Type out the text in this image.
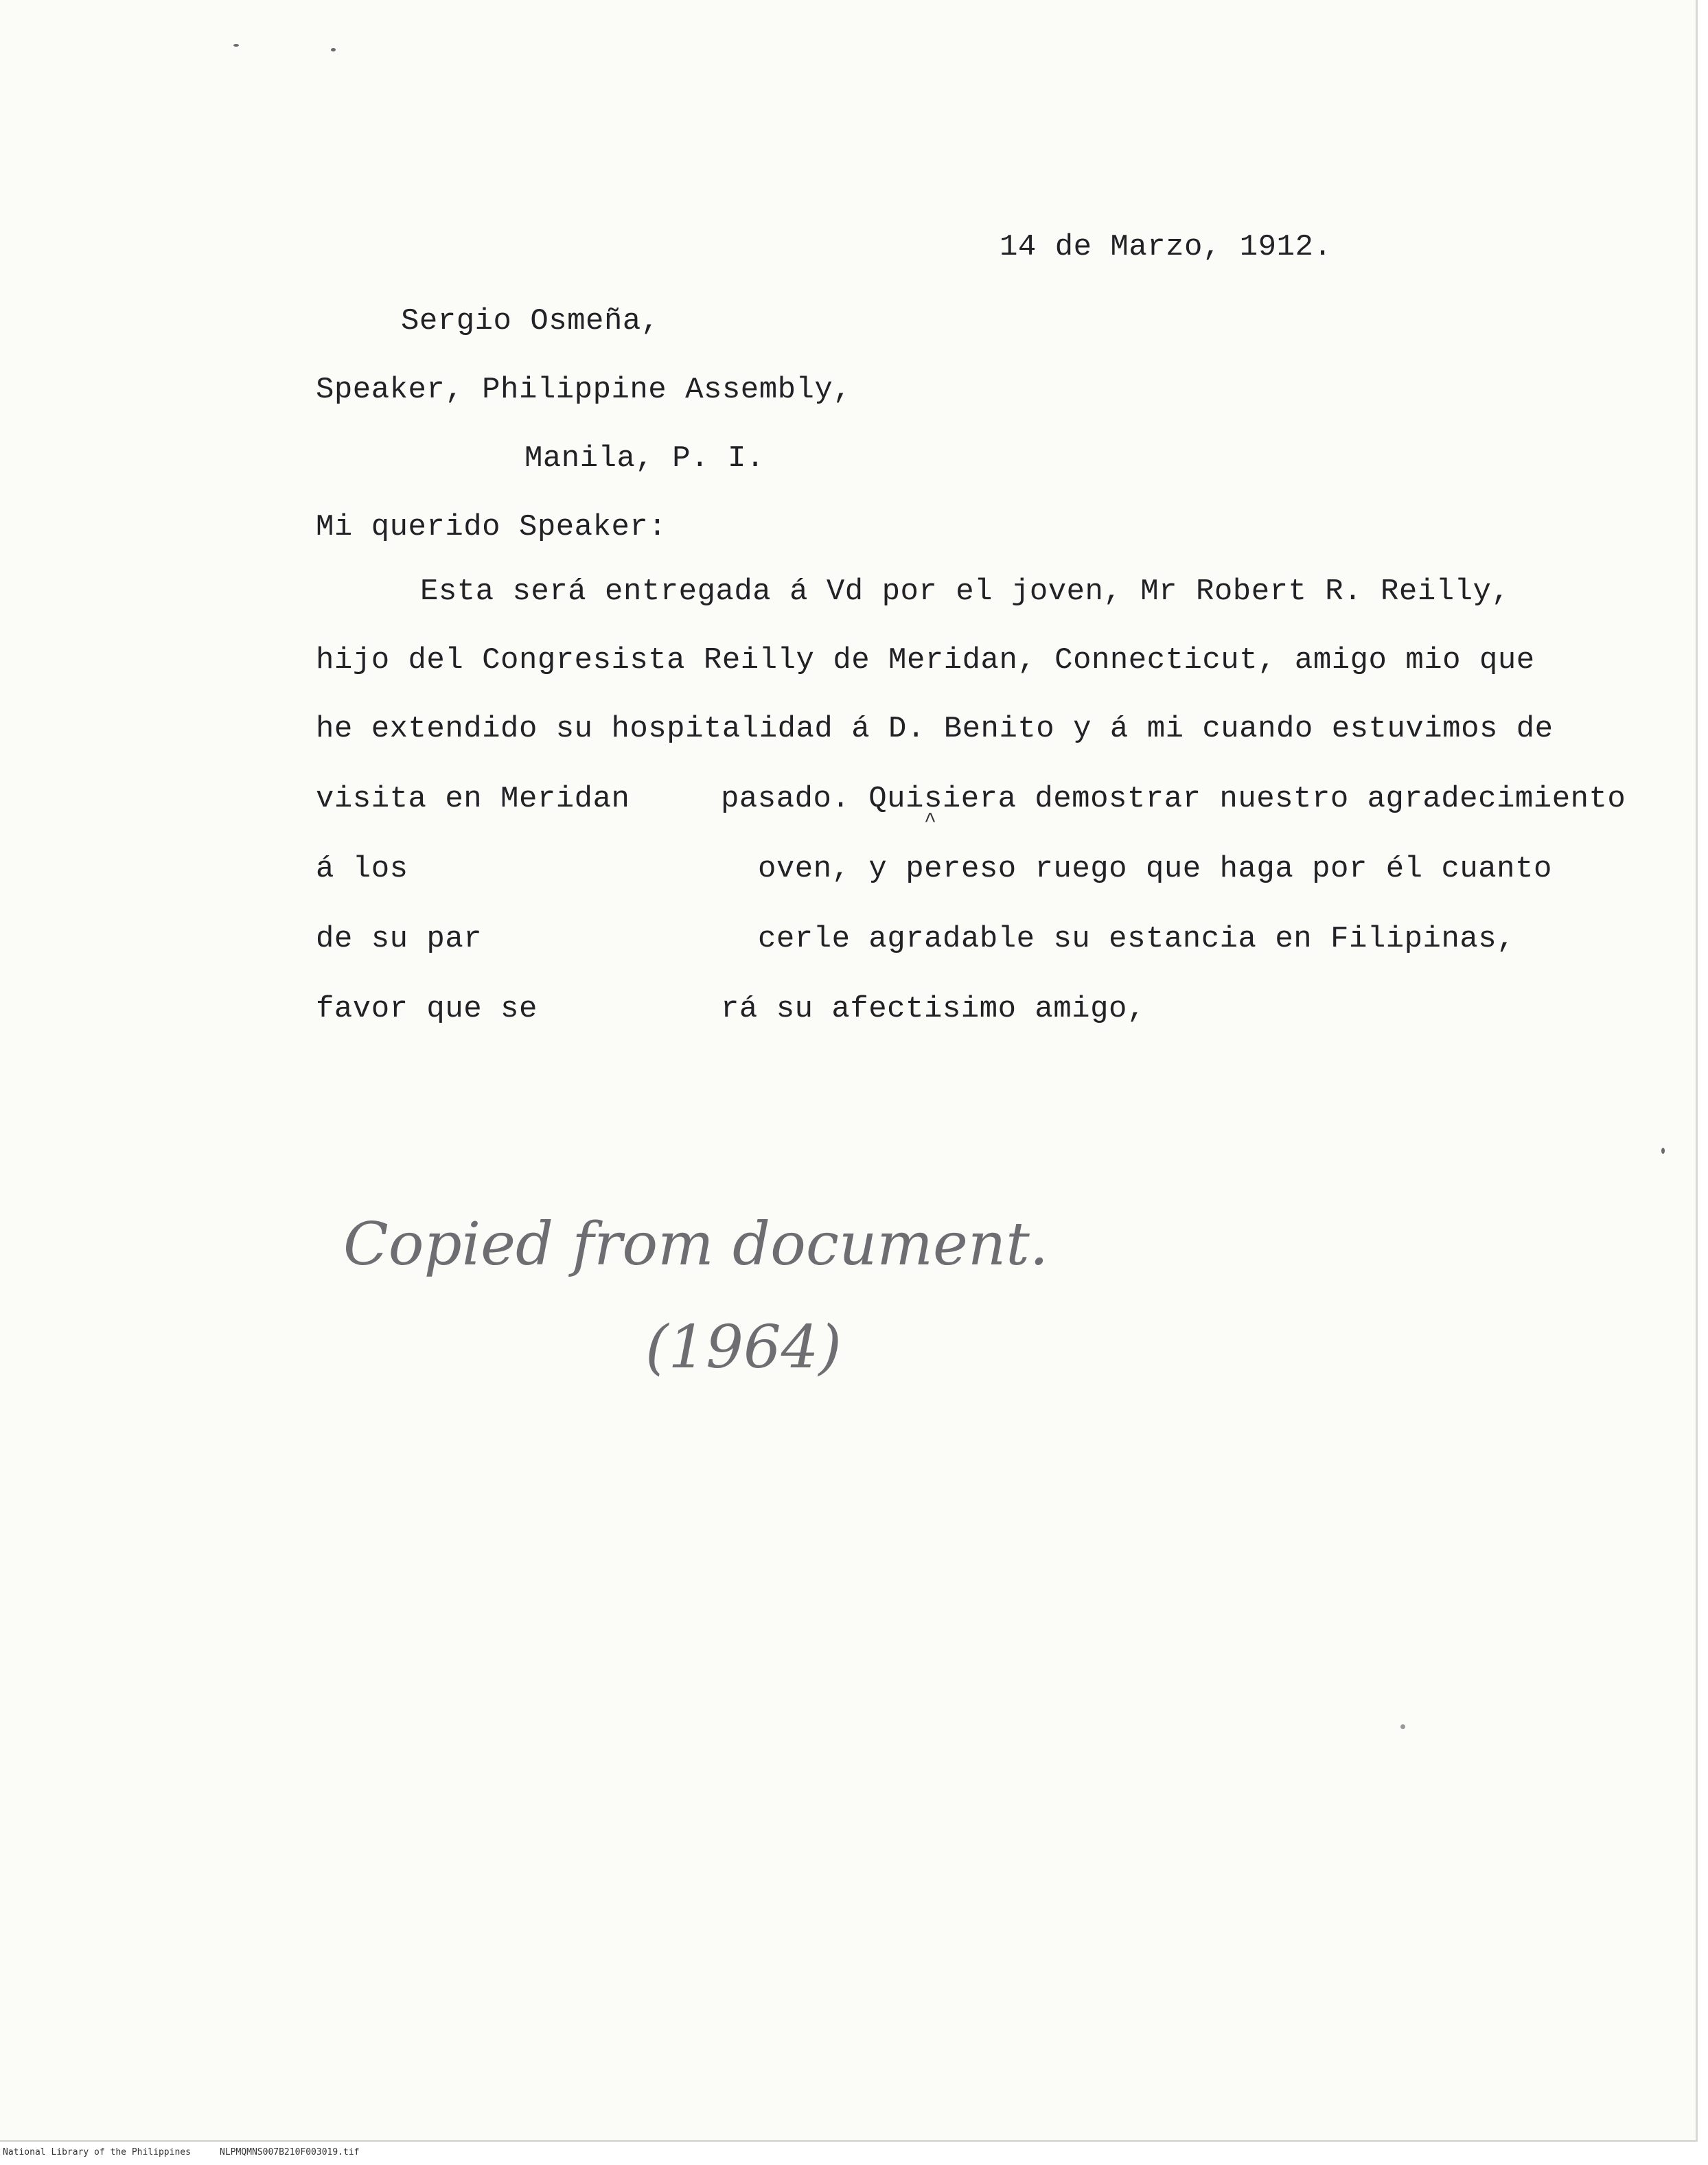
14 de Marzo, 1912.
Sergio Osmeña,
Speaker, Philippine Assembly,
Manila, P. I.
Mi querido Speaker:
Esta será entregada á Vd por el joven, Mr Robert R. Reilly,
hijo del Congresista Reilly de Meridan, Connecticut, amigo mio que
he extendido su hospitalidad á D. Benito y á mi cuando estuvimos de
visita en Meridan	pasado. Quisiera demostrar nuestro agradecimiento
á los	oven, y pereso ruego que haga por él cuanto
de su par	cerle agradable su estancia en Filipinas,
favor que se	rá su afectisimo amigo,
^
Copied from document.
(1964)
National Library of the Philippines	NLPMQMNS007B210F003019.tif
